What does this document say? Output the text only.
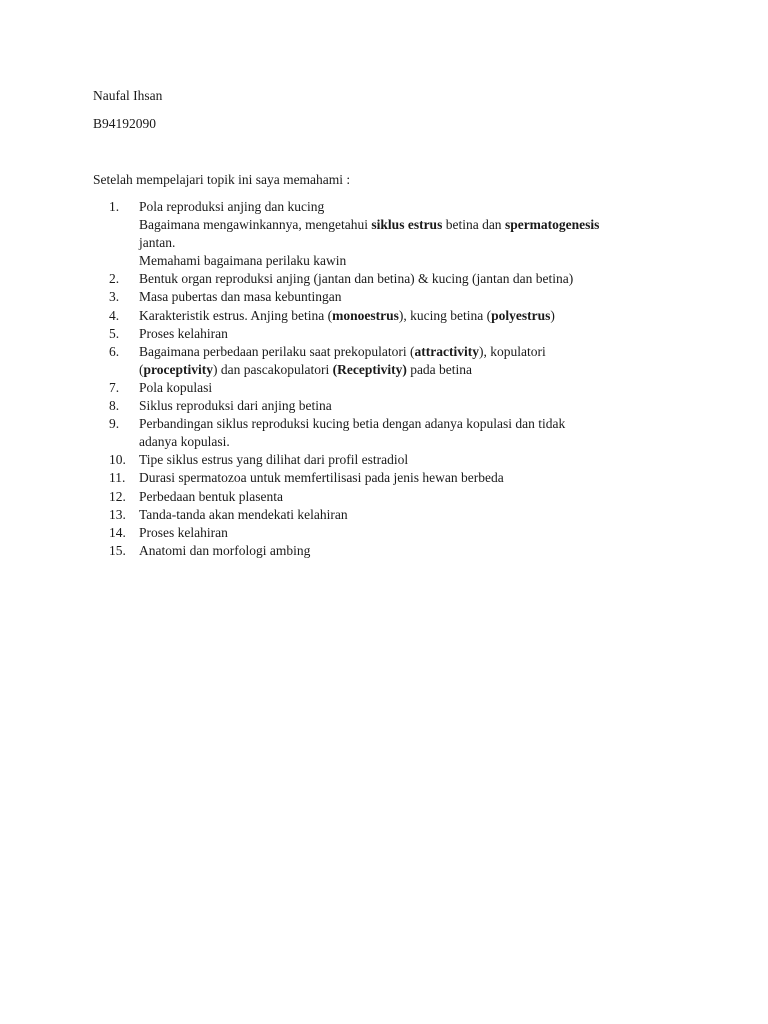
Naufal Ihsan
B94192090
Setelah mempelajari topik ini saya memahami :
1. Pola reproduksi anjing dan kucing
Bagaimana mengawinkannya, mengetahui siklus estrus betina dan spermatogenesis
jantan.
Memahami bagaimana perilaku kawin
2. Bentuk organ reproduksi anjing (jantan dan betina) & kucing (jantan dan betina)
3. Masa pubertas dan masa kebuntingan
4. Karakteristik estrus. Anjing betina (monoestrus), kucing betina (polyestrus)
5. Proses kelahiran
6. Bagaimana perbedaan perilaku saat prekopulatori (attractivity), kopulatori
(proceptivity) dan pascakopulatori (Receptivity) pada betina
7. Pola kopulasi
8. Siklus reproduksi dari anjing betina
9. Perbandingan siklus reproduksi kucing betia dengan adanya kopulasi dan tidak
adanya kopulasi.
10. Tipe siklus estrus yang dilihat dari profil estradiol
11. Durasi spermatozoa untuk memfertilisasi pada jenis hewan berbeda
12. Perbedaan bentuk plasenta
13. Tanda-tanda akan mendekati kelahiran
14. Proses kelahiran
15. Anatomi dan morfologi ambing
